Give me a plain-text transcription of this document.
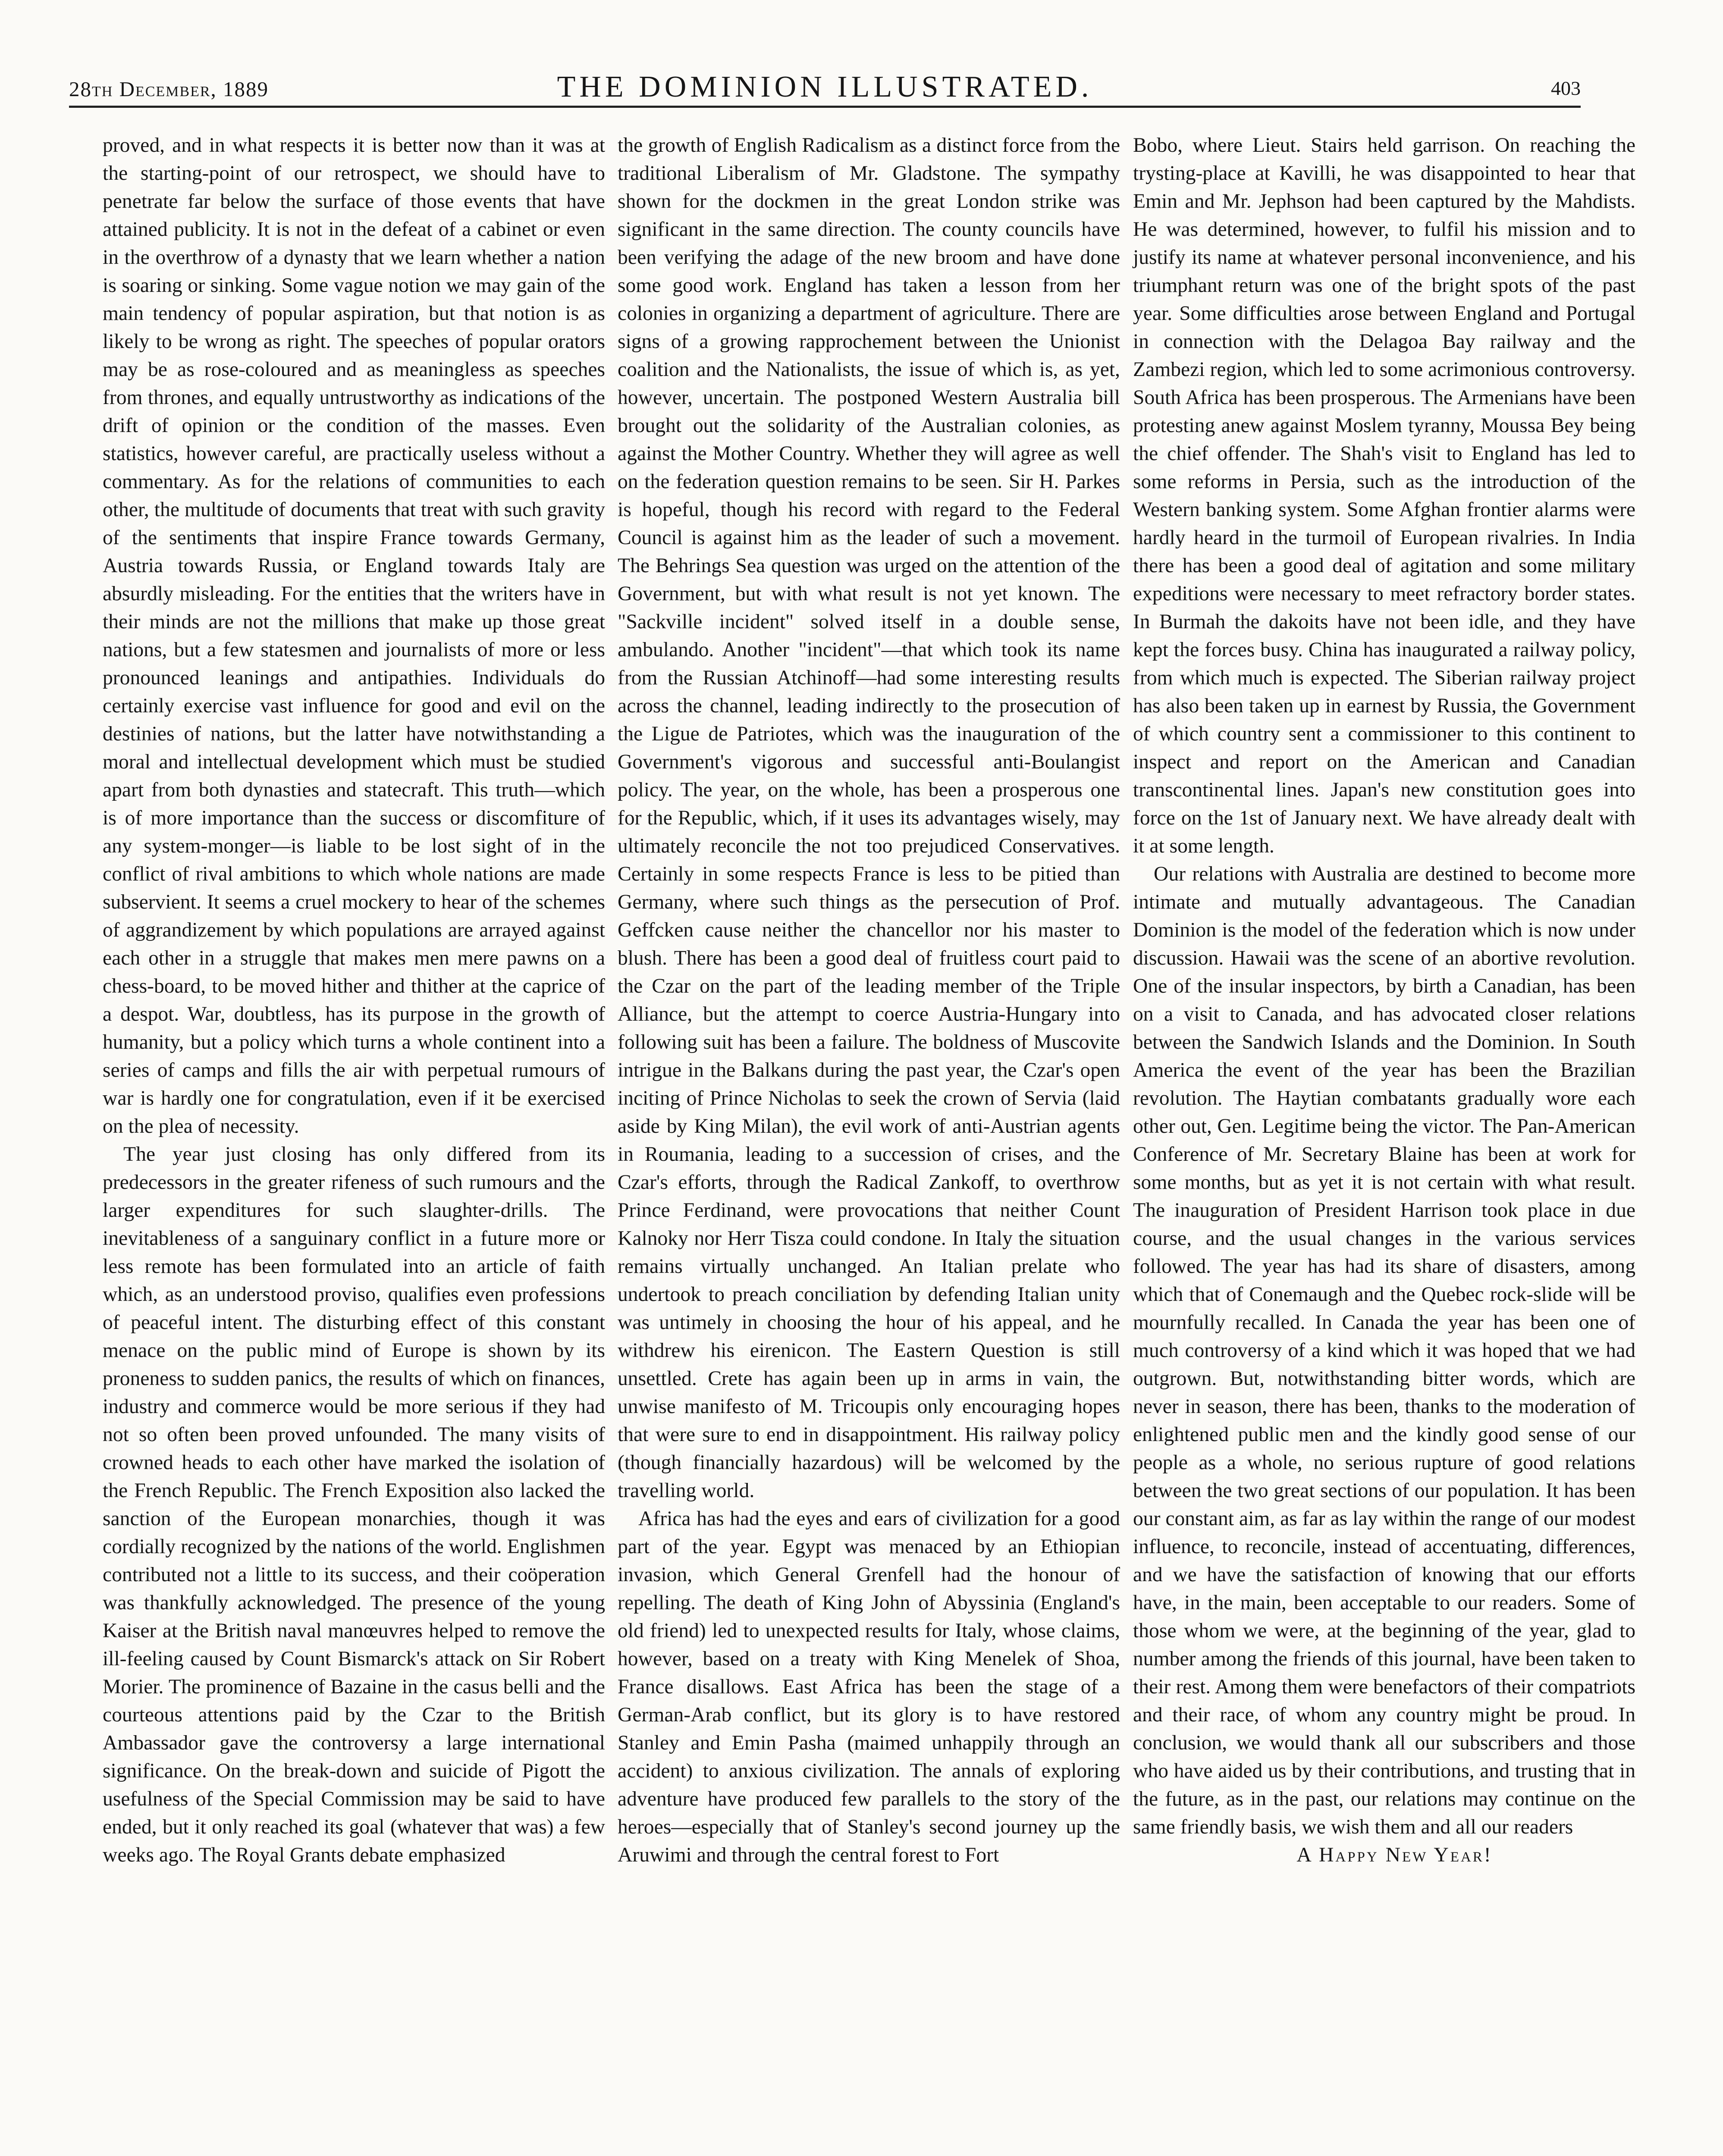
28th December, 1889	THE DOMINION ILLUSTRATED.	403

proved, and in what respects it is better now than it was at the starting-point of our retrospect, we should have to penetrate far below the surface of those events that have attained publicity. It is not in the defeat of a cabinet or even in the overthrow of a dynasty that we learn whether a nation is soaring or sinking. Some vague notion we may gain of the main tendency of popular aspiration, but that notion is as likely to be wrong as right. The speeches of popular orators may be as rose-coloured and as meaningless as speeches from thrones, and equally untrustworthy as indications of the drift of opinion or the condition of the masses. Even statistics, however careful, are practically useless without a commentary. As for the relations of communities to each other, the multitude of documents that treat with such gravity of the sentiments that inspire France towards Germany, Austria towards Russia, or England towards Italy are absurdly misleading. For the entities that the writers have in their minds are not the millions that make up those great nations, but a few statesmen and journalists of more or less pronounced leanings and antipathies. Individuals do certainly exercise vast influence for good and evil on the destinies of nations, but the latter have notwithstanding a moral and intellectual development which must be studied apart from both dynasties and statecraft. This truth—which is of more importance than the success or discomfiture of any system-monger—is liable to be lost sight of in the conflict of rival ambitions to which whole nations are made subservient. It seems a cruel mockery to hear of the schemes of aggrandizement by which populations are arrayed against each other in a struggle that makes men mere pawns on a chess-board, to be moved hither and thither at the caprice of a despot. War, doubtless, has its purpose in the growth of humanity, but a policy which turns a whole continent into a series of camps and fills the air with perpetual rumours of war is hardly one for congratulation, even if it be exercised on the plea of necessity.

The year just closing has only differed from its predecessors in the greater rifeness of such rumours and the larger expenditures for such slaughter-drills. The inevitableness of a sanguinary conflict in a future more or less remote has been formulated into an article of faith which, as an understood proviso, qualifies even professions of peaceful intent. The disturbing effect of this constant menace on the public mind of Europe is shown by its proneness to sudden panics, the results of which on finances, industry and commerce would be more serious if they had not so often been proved unfounded. The many visits of crowned heads to each other have marked the isolation of the French Republic. The French Exposition also lacked the sanction of the European monarchies, though it was cordially recognized by the nations of the world. Englishmen contributed not a little to its success, and their coöperation was thankfully acknowledged. The presence of the young Kaiser at the British naval manœuvres helped to remove the ill-feeling caused by Count Bismarck's attack on Sir Robert Morier. The prominence of Bazaine in the casus belli and the courteous attentions paid by the Czar to the British Ambassador gave the controversy a large international significance. On the break-down and suicide of Pigott the usefulness of the Special Commission may be said to have ended, but it only reached its goal (whatever that was) a few weeks ago. The Royal Grants debate emphasized

the growth of English Radicalism as a distinct force from the traditional Liberalism of Mr. Gladstone. The sympathy shown for the dockmen in the great London strike was significant in the same direction. The county councils have been verifying the adage of the new broom and have done some good work. England has taken a lesson from her colonies in organizing a department of agriculture. There are signs of a growing rapprochement between the Unionist coalition and the Nationalists, the issue of which is, as yet, however, uncertain. The postponed Western Australia bill brought out the solidarity of the Australian colonies, as against the Mother Country. Whether they will agree as well on the federation question remains to be seen. Sir H. Parkes is hopeful, though his record with regard to the Federal Council is against him as the leader of such a movement. The Behrings Sea question was urged on the attention of the Government, but with what result is not yet known. The "Sackville incident" solved itself in a double sense, ambulando. Another "incident"—that which took its name from the Russian Atchinoff—had some interesting results across the channel, leading indirectly to the prosecution of the Ligue de Patriotes, which was the inauguration of the Government's vigorous and successful anti-Boulangist policy. The year, on the whole, has been a prosperous one for the Republic, which, if it uses its advantages wisely, may ultimately reconcile the not too prejudiced Conservatives. Certainly in some respects France is less to be pitied than Germany, where such things as the persecution of Prof. Geffcken cause neither the chancellor nor his master to blush. There has been a good deal of fruitless court paid to the Czar on the part of the leading member of the Triple Alliance, but the attempt to coerce Austria-Hungary into following suit has been a failure. The boldness of Muscovite intrigue in the Balkans during the past year, the Czar's open inciting of Prince Nicholas to seek the crown of Servia (laid aside by King Milan), the evil work of anti-Austrian agents in Roumania, leading to a succession of crises, and the Czar's efforts, through the Radical Zankoff, to overthrow Prince Ferdinand, were provocations that neither Count Kalnoky nor Herr Tisza could condone. In Italy the situation remains virtually unchanged. An Italian prelate who undertook to preach conciliation by defending Italian unity was untimely in choosing the hour of his appeal, and he withdrew his eirenicon. The Eastern Question is still unsettled. Crete has again been up in arms in vain, the unwise manifesto of M. Tricoupis only encouraging hopes that were sure to end in disappointment. His railway policy (though financially hazardous) will be welcomed by the travelling world.

Africa has had the eyes and ears of civilization for a good part of the year. Egypt was menaced by an Ethiopian invasion, which General Grenfell had the honour of repelling. The death of King John of Abyssinia (England's old friend) led to unexpected results for Italy, whose claims, however, based on a treaty with King Menelek of Shoa, France disallows. East Africa has been the stage of a German-Arab conflict, but its glory is to have restored Stanley and Emin Pasha (maimed unhappily through an accident) to anxious civilization. The annals of exploring adventure have produced few parallels to the story of the heroes—especially that of Stanley's second journey up the Aruwimi and through the central forest to Fort

Bobo, where Lieut. Stairs held garrison. On reaching the trysting-place at Kavilli, he was disappointed to hear that Emin and Mr. Jephson had been captured by the Mahdists. He was determined, however, to fulfil his mission and to justify its name at whatever personal inconvenience, and his triumphant return was one of the bright spots of the past year. Some difficulties arose between England and Portugal in connection with the Delagoa Bay railway and the Zambezi region, which led to some acrimonious controversy. South Africa has been prosperous. The Armenians have been protesting anew against Moslem tyranny, Moussa Bey being the chief offender. The Shah's visit to England has led to some reforms in Persia, such as the introduction of the Western banking system. Some Afghan frontier alarms were hardly heard in the turmoil of European rivalries. In India there has been a good deal of agitation and some military expeditions were necessary to meet refractory border states. In Burmah the dakoits have not been idle, and they have kept the forces busy. China has inaugurated a railway policy, from which much is expected. The Siberian railway project has also been taken up in earnest by Russia, the Government of which country sent a commissioner to this continent to inspect and report on the American and Canadian transcontinental lines. Japan's new constitution goes into force on the 1st of January next. We have already dealt with it at some length.

Our relations with Australia are destined to become more intimate and mutually advantageous. The Canadian Dominion is the model of the federation which is now under discussion. Hawaii was the scene of an abortive revolution. One of the insular inspectors, by birth a Canadian, has been on a visit to Canada, and has advocated closer relations between the Sandwich Islands and the Dominion. In South America the event of the year has been the Brazilian revolution. The Haytian combatants gradually wore each other out, Gen. Legitime being the victor. The Pan-American Conference of Mr. Secretary Blaine has been at work for some months, but as yet it is not certain with what result. The inauguration of President Harrison took place in due course, and the usual changes in the various services followed. The year has had its share of disasters, among which that of Conemaugh and the Quebec rock-slide will be mournfully recalled. In Canada the year has been one of much controversy of a kind which it was hoped that we had outgrown. But, notwithstanding bitter words, which are never in season, there has been, thanks to the moderation of enlightened public men and the kindly good sense of our people as a whole, no serious rupture of good relations between the two great sections of our population. It has been our constant aim, as far as lay within the range of our modest influence, to reconcile, instead of accentuating, differences, and we have the satisfaction of knowing that our efforts have, in the main, been acceptable to our readers. Some of those whom we were, at the beginning of the year, glad to number among the friends of this journal, have been taken to their rest. Among them were benefactors of their compatriots and their race, of whom any country might be proud. In conclusion, we would thank all our subscribers and those who have aided us by their contributions, and trusting that in the future, as in the past, our relations may continue on the same friendly basis, we wish them and all our readers

A Happy New Year!
